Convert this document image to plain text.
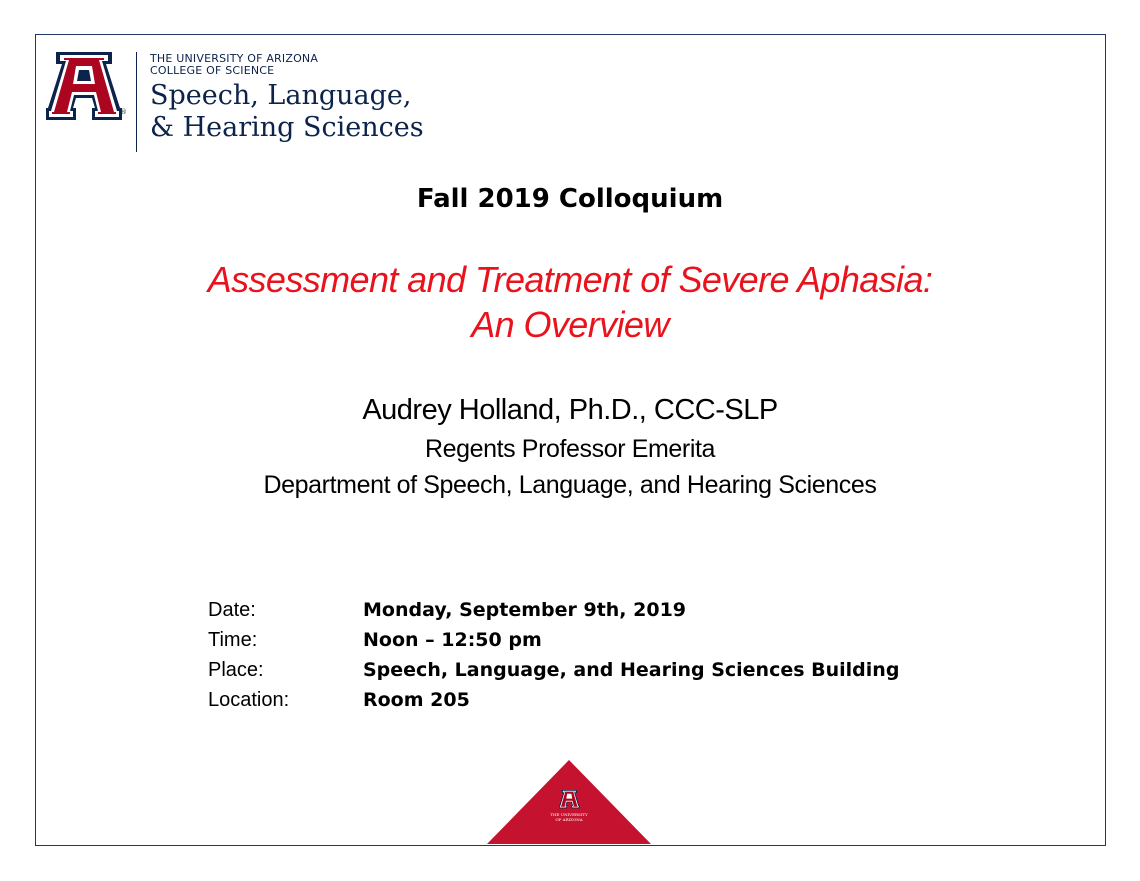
®
THE UNIVERSITY OF ARIZONA
COLLEGE OF SCIENCE
Speech, Language,
& Hearing Sciences
Fall 2019 Colloquium
Assessment and Treatment of Severe Aphasia:
An Overview
Audrey Holland, Ph.D., CCC-SLP
Regents Professor Emerita
Department of Speech, Language, and Hearing Sciences
Date:	Monday, September 9th, 2019
Time:	Noon – 12:50 pm
Place:	Speech, Language, and Hearing Sciences Building
Location:	Room 205
THE UNIVERSITY
OF ARIZONA
